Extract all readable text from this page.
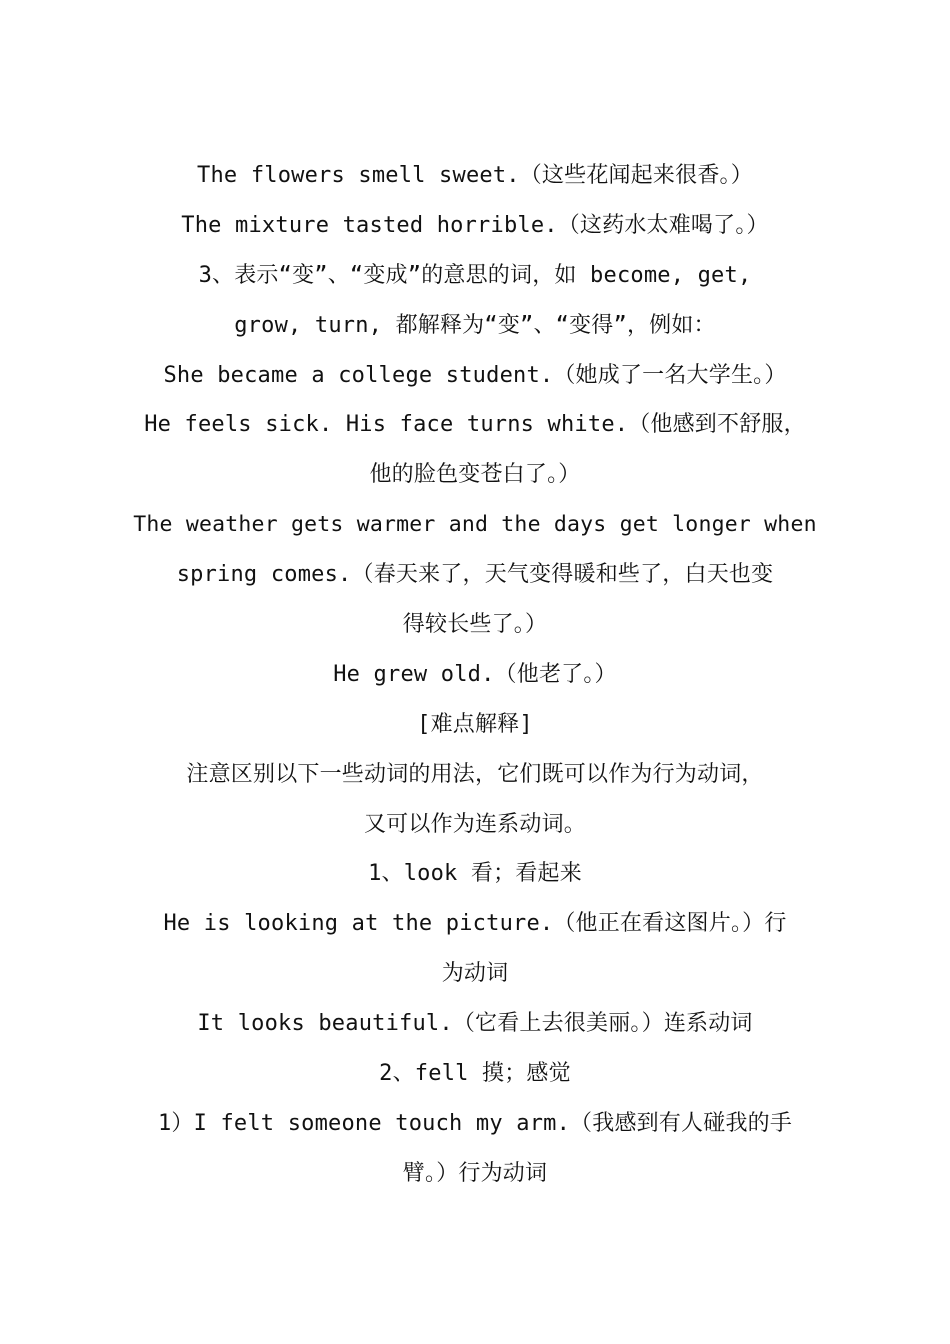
The flowers smell sweet.（这些花闻起来很香。）
The mixture tasted horrible.（这药水太难喝了。）
3、表示“变”、“变成”的意思的词，如 become, get,
grow, turn, 都解释为“变”、“变得”，例如：
She became a college student.（她成了一名大学生。）
He feels sick. His face turns white.（他感到不舒服，
他的脸色变苍白了。）
The weather gets warmer and the days get longer when
spring comes.（春天来了，天气变得暖和些了，白天也变
得较长些了。）
He grew old.（他老了。）
[难点解释]
注意区别以下一些动词的用法，它们既可以作为行为动词，
又可以作为连系动词。
1、look 看；看起来
He is looking at the picture.（他正在看这图片。）行
为动词
It looks beautiful.（它看上去很美丽。）连系动词
2、fell 摸；感觉
1）I felt someone touch my arm.（我感到有人碰我的手
臂。）行为动词
